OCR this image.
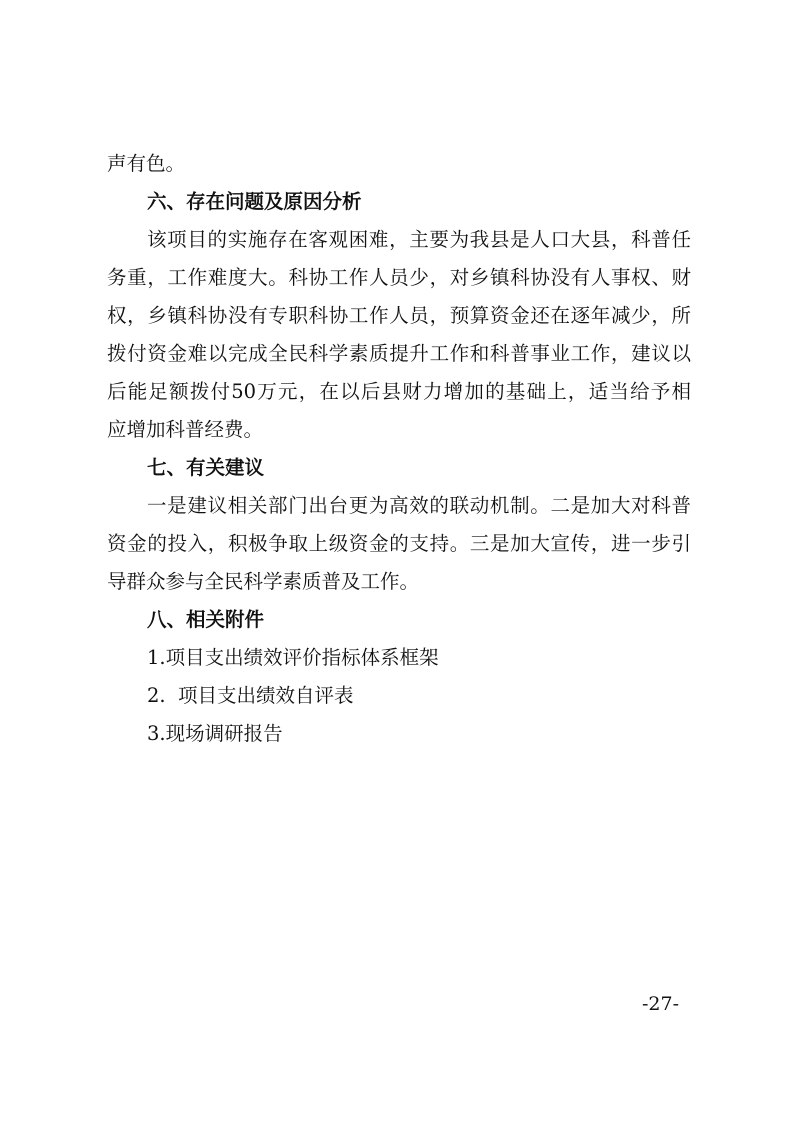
声有色。
六、存在问题及原因分析
该项目的实施存在客观困难，主要为我县是人口大县，科普任
务重，工作难度大。科协工作人员少，对乡镇科协没有人事权、财
权，乡镇科协没有专职科协工作人员，预算资金还在逐年减少，所
拨付资金难以完成全民科学素质提升工作和科普事业工作，建议以
后能足额拨付50万元，在以后县财力增加的基础上，适当给予相
应增加科普经费。
七、有关建议
一是建议相关部门出台更为高效的联动机制。二是加大对科普
资金的投入，积极争取上级资金的支持。三是加大宣传，进一步引
导群众参与全民科学素质普及工作。
八、相关附件
1.项目支出绩效评价指标体系框架
2.  项目支出绩效自评表
3.现场调研报告
-27-
